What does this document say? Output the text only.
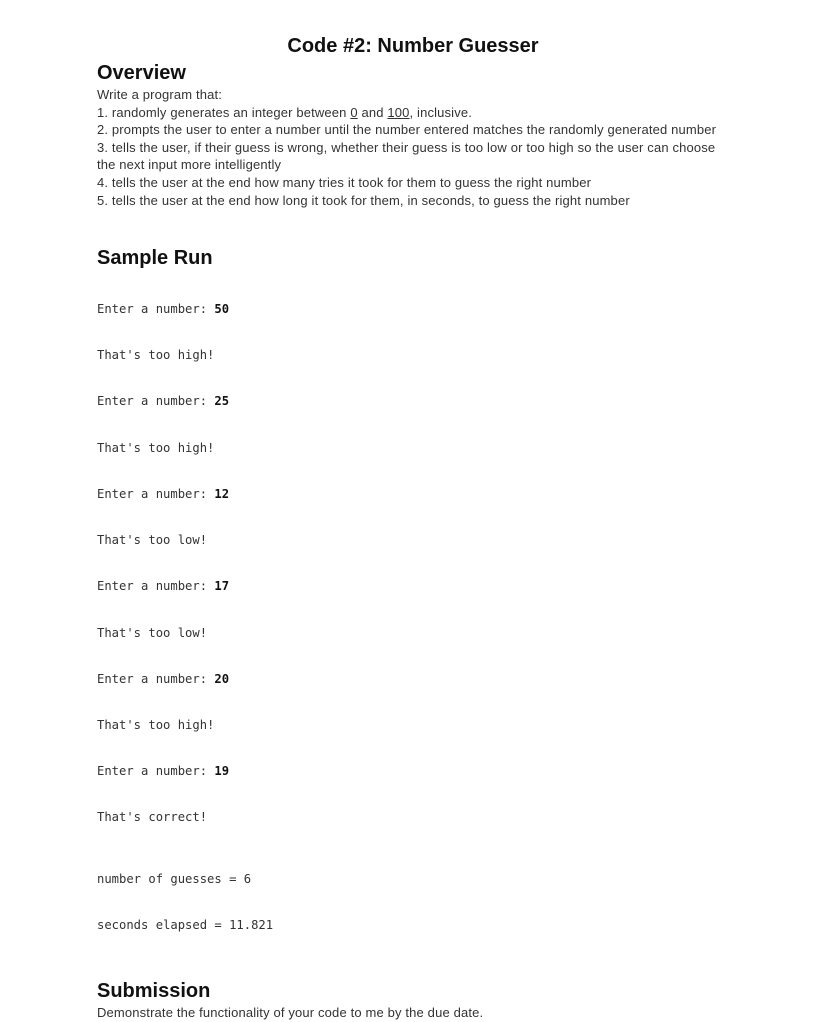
Code #2: Number Guesser
Overview
Write a program that:
1. randomly generates an integer between 0 and 100, inclusive.
2. prompts the user to enter a number until the number entered matches the randomly generated number
3. tells the user, if their guess is wrong, whether their guess is too low or too high so the user can choose the next input more intelligently
4. tells the user at the end how many tries it took for them to guess the right number
5. tells the user at the end how long it took for them, in seconds, to guess the right number
Sample Run

Enter a number: 50

That's too high!

Enter a number: 25

That's too high!

Enter a number: 12

That's too low!

Enter a number: 17

That's too low!

Enter a number: 20

That's too high!

Enter a number: 19

That's correct!

number of guesses = 6

seconds elapsed = 11.821

Submission
Demonstrate the functionality of your code to me by the due date.
